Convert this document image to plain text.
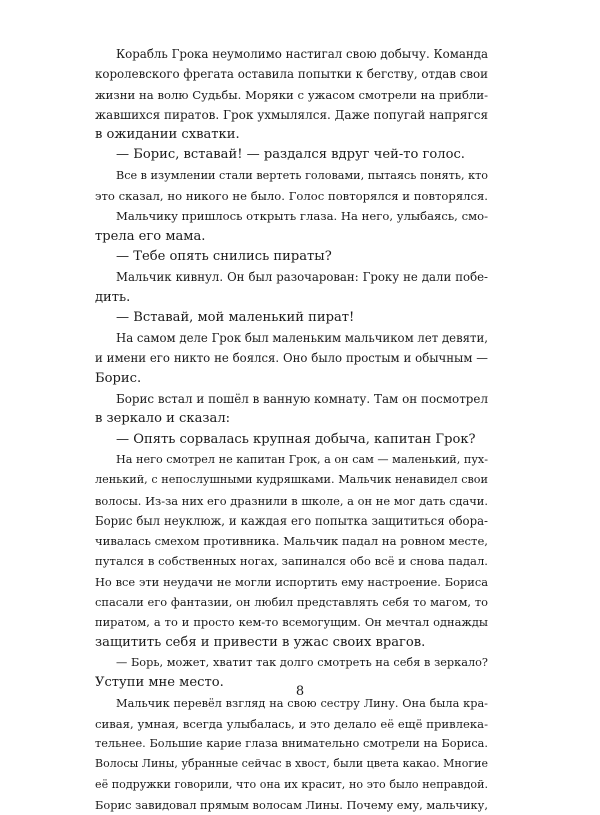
Корабль Грока неумолимо настигал свою добычу. Команда
королевского фрегата оставила попытки к бегству, отдав свои
жизни на волю Судьбы. Моряки с ужасом смотрели на прибли-
жавшихся пиратов. Грок ухмылялся. Даже попугай напрягся
в ожидании схватки.
— Борис, вставай! — раздался вдруг чей-то голос.
Все в изумлении стали вертеть головами, пытаясь понять, кто
это сказал, но никого не было. Голос повторялся и повторялся.
Мальчику пришлось открыть глаза. На него, улыбаясь, смо-
трела его мама.
— Тебе опять снились пираты?
Мальчик кивнул. Он был разочарован: Гроку не дали побе-
дить.
— Вставай, мой маленький пират!
На самом деле Грок был маленьким мальчиком лет девяти,
и имени его никто не боялся. Оно было простым и обычным —
Борис.
Борис встал и пошёл в ванную комнату. Там он посмотрел
в зеркало и сказал:
— Опять сорвалась крупная добыча, капитан Грок?
На него смотрел не капитан Грок, а он сам — маленький, пух-
ленький, с непослушными кудряшками. Мальчик ненавидел свои
волосы. Из-за них его дразнили в школе, а он не мог дать сдачи.
Борис был неуклюж, и каждая его попытка защититься оборa-
чивалась смехом противника. Мальчик падал на ровном месте,
путался в собственных ногах, запинался обо всё и снова падал.
Но все эти неудачи не могли испортить ему настроение. Бориса
спасали его фантазии, он любил представлять себя то магом, то
пиратом, а то и просто кем-то всемогущим. Он мечтал однажды
защитить себя и привести в ужас своих врагов.
— Борь, может, хватит так долго смотреть на себя в зеркало?
Уступи мне место.
Мальчик перевёл взгляд на свою сестру Лину. Она была кра-
сивая, умная, всегда улыбалась, и это делало её ещё привлека-
тельнее. Большие карие глаза внимательно смотрели на Бориса.
Волосы Лины, убранные сейчас в хвост, были цвета какао. Многие
её подружки говорили, что она их красит, но это было неправдой.
Борис завидовал прямым волосам Лины. Почему ему, мальчику,
8
